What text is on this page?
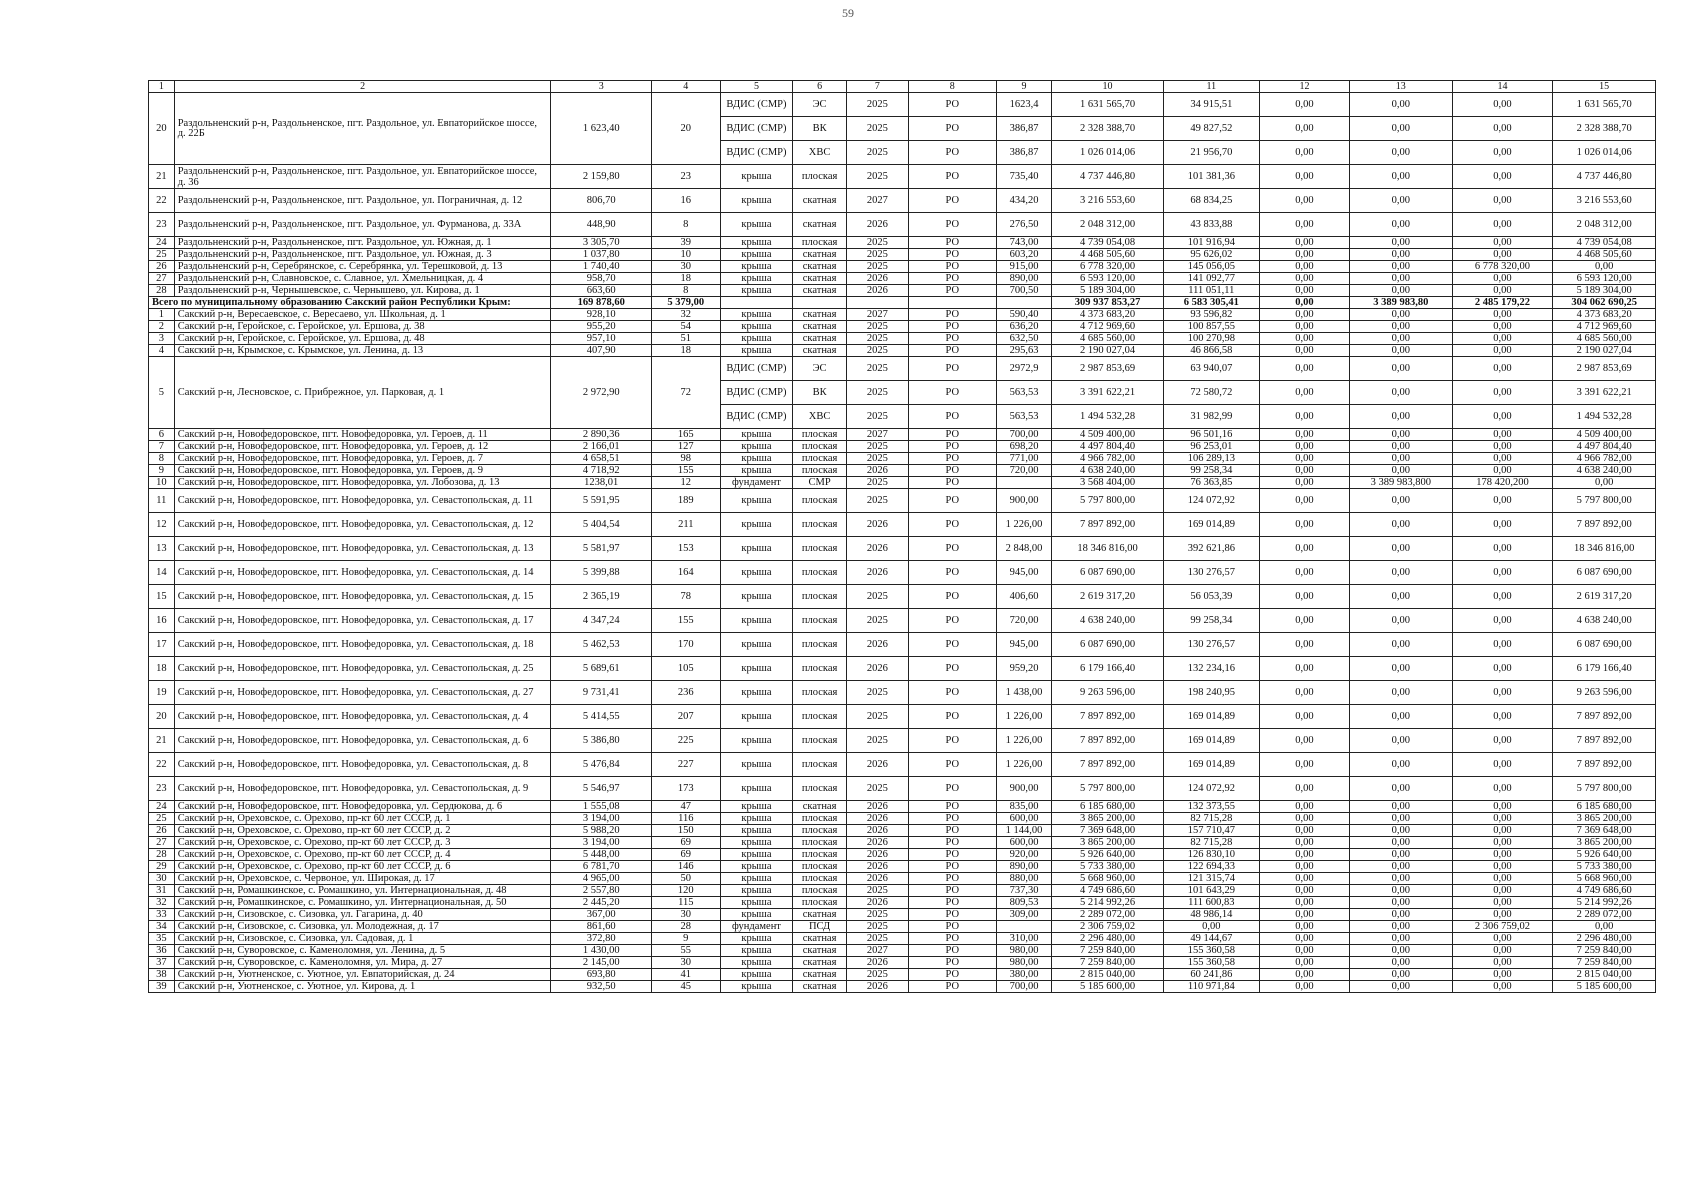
59
1	2	3	4	5	6	7	8	9	10	11	12	13	14	15
20	Раздольненский р-н, Раздольненское, пгт. Раздольное, ул. Евпаторийское шоссе, д. 22Б	1 623,40	20	ВДИС (СМР)	ЭС	2025	РО	1623,4	1 631 565,70	34 915,51	0,00	0,00	0,00	1 631 565,70
				ВДИС (СМР)	ВК	2025	РО	386,87	2 328 388,70	49 827,52	0,00	0,00	0,00	2 328 388,70
				ВДИС (СМР)	ХВС	2025	РО	386,87	1 026 014,06	21 956,70	0,00	0,00	0,00	1 026 014,06
21	Раздольненский р-н, Раздольненское, пгт. Раздольное, ул. Евпаторийское шоссе, д. 36	2 159,80	23	крыша	плоская	2025	РО	735,40	4 737 446,80	101 381,36	0,00	0,00	0,00	4 737 446,80
22	Раздольненский р-н, Раздольненское, пгт. Раздольное, ул. Пограничная, д. 12	806,70	16	крыша	скатная	2027	РО	434,20	3 216 553,60	68 834,25	0,00	0,00	0,00	3 216 553,60
23	Раздольненский р-н, Раздольненское, пгт. Раздольное, ул. Фурманова, д. 33А	448,90	8	крыша	скатная	2026	РО	276,50	2 048 312,00	43 833,88	0,00	0,00	0,00	2 048 312,00
24	Раздольненский р-н, Раздольненское, пгт. Раздольное, ул. Южная, д. 1	3 305,70	39	крыша	плоская	2025	РО	743,00	4 739 054,08	101 916,94	0,00	0,00	0,00	4 739 054,08
25	Раздольненский р-н, Раздольненское, пгт. Раздольное, ул. Южная, д. 3	1 037,80	10	крыша	скатная	2025	РО	603,20	4 468 505,60	95 626,02	0,00	0,00	0,00	4 468 505,60
26	Раздольненский р-н, Серебрянское, с. Серебрянка, ул. Терешковой, д. 13	1 740,40	30	крыша	скатная	2025	РО	915,00	6 778 320,00	145 056,05	0,00	0,00	6 778 320,00	0,00
27	Раздольненский р-н, Славновское, с. Славное, ул. Хмельницкая, д. 4	958,70	18	крыша	скатная	2026	РО	890,00	6 593 120,00	141 092,77	0,00	0,00	0,00	6 593 120,00
28	Раздольненский р-н, Чернышевское, с. Чернышево, ул. Кирова, д. 1	663,60	8	крыша	скатная	2026	РО	700,50	5 189 304,00	111 051,11	0,00	0,00	0,00	5 189 304,00
Всего по муниципальному образованию Сакский район Республики Крым:		169 878,60	5 379,00						309 937 853,27	6 583 305,41	0,00	3 389 983,80	2 485 179,22	304 062 690,25
1	Сакский р-н, Вересаевское, с. Вересаево, ул. Школьная, д. 1	928,10	32	крыша	скатная	2027	РО	590,40	4 373 683,20	93 596,82	0,00	0,00	0,00	4 373 683,20
2	Сакский р-н, Геройское, с. Геройское, ул. Ершова, д. 38	955,20	54	крыша	скатная	2025	РО	636,20	4 712 969,60	100 857,55	0,00	0,00	0,00	4 712 969,60
3	Сакский р-н, Геройское, с. Геройское, ул. Ершова, д. 48	957,10	51	крыша	скатная	2025	РО	632,50	4 685 560,00	100 270,98	0,00	0,00	0,00	4 685 560,00
4	Сакский р-н, Крымское, с. Крымское, ул. Ленина, д. 13	407,90	18	крыша	скатная	2025	РО	295,63	2 190 027,04	46 866,58	0,00	0,00	0,00	2 190 027,04
5	Сакский р-н, Лесновское, с. Прибрежное, ул. Парковая, д. 1	2 972,90	72	ВДИС (СМР)	ЭС	2025	РО	2972,9	2 987 853,69	63 940,07	0,00	0,00	0,00	2 987 853,69
				ВДИС (СМР)	ВК	2025	РО	563,53	3 391 622,21	72 580,72	0,00	0,00	0,00	3 391 622,21
				ВДИС (СМР)	ХВС	2025	РО	563,53	1 494 532,28	31 982,99	0,00	0,00	0,00	1 494 532,28
6	Сакский р-н, Новофедоровское, пгт. Новофедоровка, ул. Героев, д. 11	2 890,36	165	крыша	плоская	2027	РО	700,00	4 509 400,00	96 501,16	0,00	0,00	0,00	4 509 400,00
7	Сакский р-н, Новофедоровское, пгт. Новофедоровка, ул. Героев, д. 12	2 166,01	127	крыша	плоская	2025	РО	698,20	4 497 804,40	96 253,01	0,00	0,00	0,00	4 497 804,40
8	Сакский р-н, Новофедоровское, пгт. Новофедоровка, ул. Героев, д. 7	4 658,51	98	крыша	плоская	2025	РО	771,00	4 966 782,00	106 289,13	0,00	0,00	0,00	4 966 782,00
9	Сакский р-н, Новофедоровское, пгт. Новофедоровка, ул. Героев, д. 9	4 718,92	155	крыша	плоская	2026	РО	720,00	4 638 240,00	99 258,34	0,00	0,00	0,00	4 638 240,00
10	Сакский р-н, Новофедоровское, пгт. Новофедоровка, ул. Лобозова, д. 13	1238,01	12	фундамент	СМР	2025	РО		3 568 404,00	76 363,85	0,00	3 389 983,800	178 420,200	0,00
11	Сакский р-н, Новофедоровское, пгт. Новофедоровка, ул. Севастопольская, д. 11	5 591,95	189	крыша	плоская	2025	РО	900,00	5 797 800,00	124 072,92	0,00	0,00	0,00	5 797 800,00
12	Сакский р-н, Новофедоровское, пгт. Новофедоровка, ул. Севастопольская, д. 12	5 404,54	211	крыша	плоская	2026	РО	1 226,00	7 897 892,00	169 014,89	0,00	0,00	0,00	7 897 892,00
13	Сакский р-н, Новофедоровское, пгт. Новофедоровка, ул. Севастопольская, д. 13	5 581,97	153	крыша	плоская	2026	РО	2 848,00	18 346 816,00	392 621,86	0,00	0,00	0,00	18 346 816,00
14	Сакский р-н, Новофедоровское, пгт. Новофедоровка, ул. Севастопольская, д. 14	5 399,88	164	крыша	плоская	2026	РО	945,00	6 087 690,00	130 276,57	0,00	0,00	0,00	6 087 690,00
15	Сакский р-н, Новофедоровское, пгт. Новофедоровка, ул. Севастопольская, д. 15	2 365,19	78	крыша	плоская	2025	РО	406,60	2 619 317,20	56 053,39	0,00	0,00	0,00	2 619 317,20
16	Сакский р-н, Новофедоровское, пгт. Новофедоровка, ул. Севастопольская, д. 17	4 347,24	155	крыша	плоская	2025	РО	720,00	4 638 240,00	99 258,34	0,00	0,00	0,00	4 638 240,00
17	Сакский р-н, Новофедоровское, пгт. Новофедоровка, ул. Севастопольская, д. 18	5 462,53	170	крыша	плоская	2026	РО	945,00	6 087 690,00	130 276,57	0,00	0,00	0,00	6 087 690,00
18	Сакский р-н, Новофедоровское, пгт. Новофедоровка, ул. Севастопольская, д. 25	5 689,61	105	крыша	плоская	2026	РО	959,20	6 179 166,40	132 234,16	0,00	0,00	0,00	6 179 166,40
19	Сакский р-н, Новофедоровское, пгт. Новофедоровка, ул. Севастопольская, д. 27	9 731,41	236	крыша	плоская	2025	РО	1 438,00	9 263 596,00	198 240,95	0,00	0,00	0,00	9 263 596,00
20	Сакский р-н, Новофедоровское, пгт. Новофедоровка, ул. Севастопольская, д. 4	5 414,55	207	крыша	плоская	2025	РО	1 226,00	7 897 892,00	169 014,89	0,00	0,00	0,00	7 897 892,00
21	Сакский р-н, Новофедоровское, пгт. Новофедоровка, ул. Севастопольская, д. 6	5 386,80	225	крыша	плоская	2025	РО	1 226,00	7 897 892,00	169 014,89	0,00	0,00	0,00	7 897 892,00
22	Сакский р-н, Новофедоровское, пгт. Новофедоровка, ул. Севастопольская, д. 8	5 476,84	227	крыша	плоская	2026	РО	1 226,00	7 897 892,00	169 014,89	0,00	0,00	0,00	7 897 892,00
23	Сакский р-н, Новофедоровское, пгт. Новофедоровка, ул. Севастопольская, д. 9	5 546,97	173	крыша	плоская	2025	РО	900,00	5 797 800,00	124 072,92	0,00	0,00	0,00	5 797 800,00
24	Сакский р-н, Новофедоровское, пгт. Новофедоровка, ул. Сердюкова, д. 6	1 555,08	47	крыша	скатная	2026	РО	835,00	6 185 680,00	132 373,55	0,00	0,00	0,00	6 185 680,00
25	Сакский р-н, Ореховское, с. Орехово, пр-кт 60 лет СССР, д. 1	3 194,00	116	крыша	плоская	2026	РО	600,00	3 865 200,00	82 715,28	0,00	0,00	0,00	3 865 200,00
26	Сакский р-н, Ореховское, с. Орехово, пр-кт 60 лет СССР, д. 2	5 988,20	150	крыша	плоская	2026	РО	1 144,00	7 369 648,00	157 710,47	0,00	0,00	0,00	7 369 648,00
27	Сакский р-н, Ореховское, с. Орехово, пр-кт 60 лет СССР, д. 3	3 194,00	69	крыша	плоская	2026	РО	600,00	3 865 200,00	82 715,28	0,00	0,00	0,00	3 865 200,00
28	Сакский р-н, Ореховское, с. Орехово, пр-кт 60 лет СССР, д. 4	5 448,00	69	крыша	плоская	2026	РО	920,00	5 926 640,00	126 830,10	0,00	0,00	0,00	5 926 640,00
29	Сакский р-н, Ореховское, с. Орехово, пр-кт 60 лет СССР, д. 6	6 781,70	146	крыша	плоская	2026	РО	890,00	5 733 380,00	122 694,33	0,00	0,00	0,00	5 733 380,00
30	Сакский р-н, Ореховское, с. Червоное, ул. Широкая, д. 17	4 965,00	50	крыша	плоская	2026	РО	880,00	5 668 960,00	121 315,74	0,00	0,00	0,00	5 668 960,00
31	Сакский р-н, Ромашкинское, с. Ромашкино, ул. Интернациональная, д. 48	2 557,80	120	крыша	плоская	2025	РО	737,30	4 749 686,60	101 643,29	0,00	0,00	0,00	4 749 686,60
32	Сакский р-н, Ромашкинское, с. Ромашкино, ул. Интернациональная, д. 50	2 445,20	115	крыша	плоская	2026	РО	809,53	5 214 992,26	111 600,83	0,00	0,00	0,00	5 214 992,26
33	Сакский р-н, Сизовское, с. Сизовка, ул. Гагарина, д. 40	367,00	30	крыша	скатная	2025	РО	309,00	2 289 072,00	48 986,14	0,00	0,00	0,00	2 289 072,00
34	Сакский р-н, Сизовское, с. Сизовка, ул. Молодежная, д. 17	861,60	28	фундамент	ПСД	2025	РО		2 306 759,02	0,00	0,00	0,00	2 306 759,02	0,00
35	Сакский р-н, Сизовское, с. Сизовка, ул. Садовая, д. 1	372,80	9	крыша	скатная	2025	РО	310,00	2 296 480,00	49 144,67	0,00	0,00	0,00	2 296 480,00
36	Сакский р-н, Суворовское, с. Каменоломня, ул. Ленина, д. 5	1 430,00	55	крыша	скатная	2027	РО	980,00	7 259 840,00	155 360,58	0,00	0,00	0,00	7 259 840,00
37	Сакский р-н, Суворовское, с. Каменоломня, ул. Мира, д. 27	2 145,00	30	крыша	скатная	2026	РО	980,00	7 259 840,00	155 360,58	0,00	0,00	0,00	7 259 840,00
38	Сакский р-н, Уютненское, с. Уютное, ул. Евпаторийская, д. 24	693,80	41	крыша	скатная	2025	РО	380,00	2 815 040,00	60 241,86	0,00	0,00	0,00	2 815 040,00
39	Сакский р-н, Уютненское, с. Уютное, ул. Кирова, д. 1	932,50	45	крыша	скатная	2026	РО	700,00	5 185 600,00	110 971,84	0,00	0,00	0,00	5 185 600,00
